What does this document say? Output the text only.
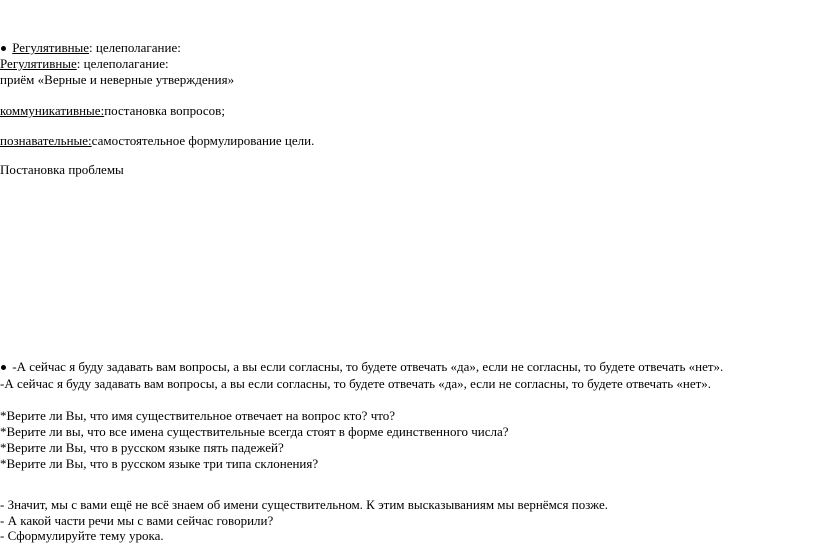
Регулятивные: целеполагание:
Регулятивные: целеполагание:
приём «Верные и неверные утверждения»
коммуникативные:постановка вопросов;
познавательные:самостоятельное формулирование цели.
Постановка проблемы
-А сейчас я буду задавать вам вопросы, а вы если согласны, то будете отвечать «да», если не согласны, то будете отвечать «нет».
-А сейчас я буду задавать вам вопросы, а вы если согласны, то будете отвечать «да», если не согласны, то будете отвечать «нет».
*Верите ли Вы, что имя существительное отвечает на вопрос кто? что?
*Верите ли вы, что все имена существительные всегда стоят в форме единственного числа?
*Верите ли Вы, что в русском языке пять падежей?
*Верите ли Вы, что в русском языке три типа склонения?
- Значит, мы с вами ещё не всё знаем об имени существительном. К этим высказываниям мы вернёмся позже.
- А какой части речи мы с вами сейчас говорили?
- Сформулируйте тему урока.
